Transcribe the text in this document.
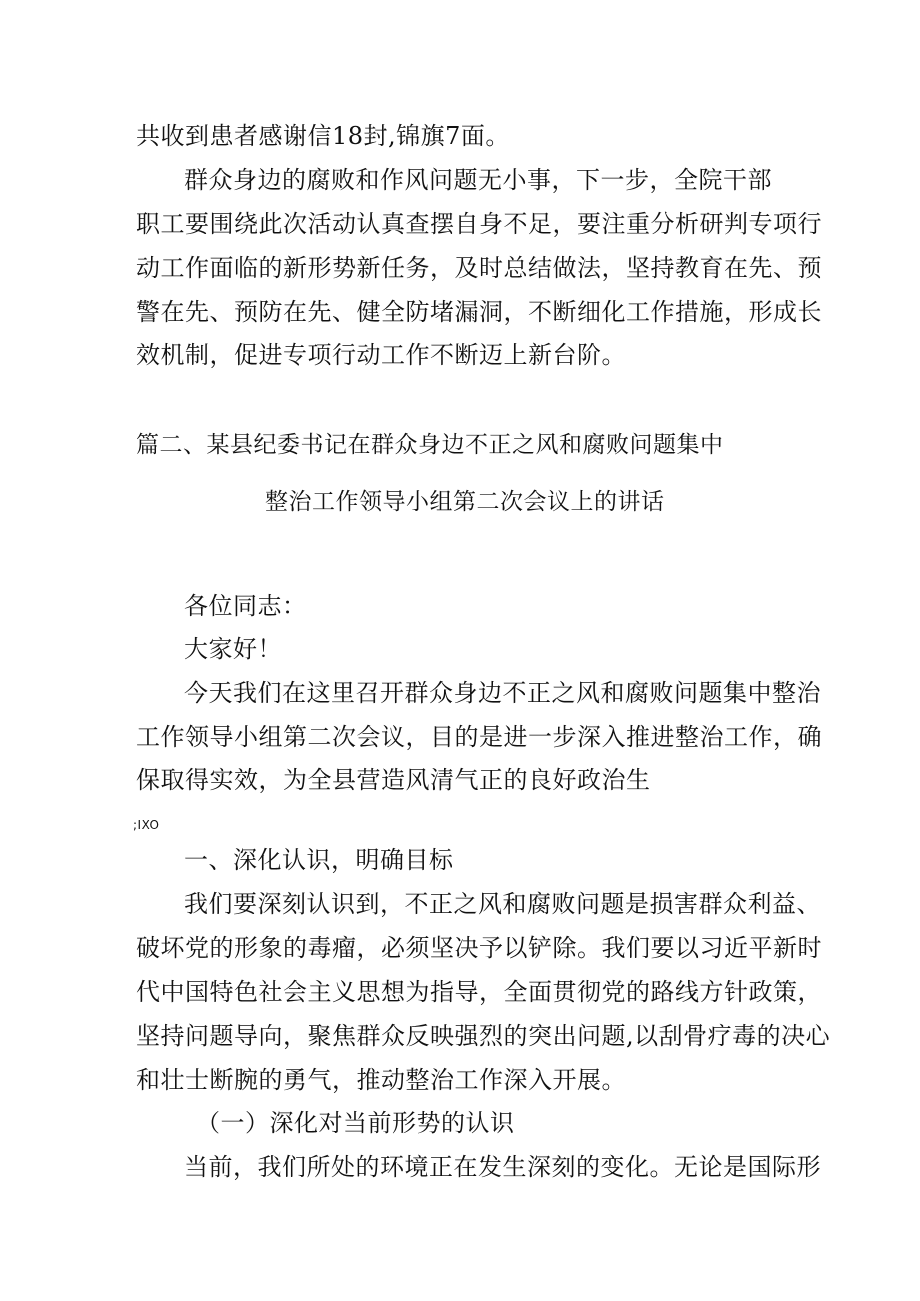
共收到患者感谢信18封,锦旗7面。
群众身边的腐败和作风问题无小事，下一步，全院干部
职工要围绕此次活动认真查摆自身不足，要注重分析研判专项行
动工作面临的新形势新任务，及时总结做法，坚持教育在先、预
警在先、预防在先、健全防堵漏洞，不断细化工作措施，形成长
效机制，促进专项行动工作不断迈上新台阶。
篇二、某县纪委书记在群众身边不正之风和腐败问题集中
整治工作领导小组第二次会议上的讲话
各位同志：
大家好！
今天我们在这里召开群众身边不正之风和腐败问题集中整治
工作领导小组第二次会议，目的是进一步深入推进整治工作，确
保取得实效，为全县营造风清气正的良好政治生
;IXO
一、深化认识，明确目标
我们要深刻认识到，不正之风和腐败问题是损害群众利益、
破坏党的形象的毒瘤，必须坚决予以铲除。我们要以习近平新时
代中国特色社会主义思想为指导，全面贯彻党的路线方针政策，
坚持问题导向，聚焦群众反映强烈的突出问题,以刮骨疗毒的决心
和壮士断腕的勇气，推动整治工作深入开展。
（一）深化对当前形势的认识
当前，我们所处的环境正在发生深刻的变化。无论是国际形
